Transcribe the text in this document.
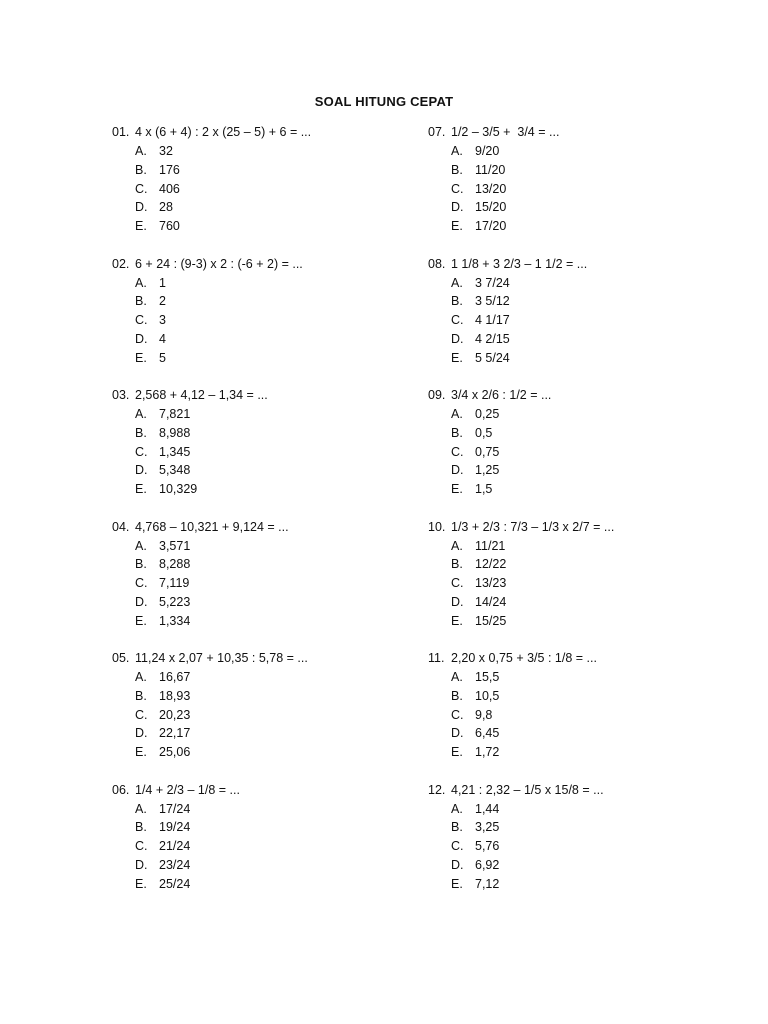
SOAL HITUNG CEPAT
01. 4 x (6 + 4) : 2 x (25 – 5) + 6 = ...
A. 32
B. 176
C. 406
D. 28
E. 760
02. 6 + 24 : (9-3) x 2 : (-6 + 2) = ...
A. 1
B. 2
C. 3
D. 4
E. 5
03. 2,568 + 4,12 – 1,34 = ...
A. 7,821
B. 8,988
C. 1,345
D. 5,348
E. 10,329
04. 4,768 – 10,321 + 9,124 = ...
A. 3,571
B. 8,288
C. 7,119
D. 5,223
E. 1,334
05. 11,24 x 2,07 + 10,35 : 5,78 = ...
A. 16,67
B. 18,93
C. 20,23
D. 22,17
E. 25,06
06. 1/4 + 2/3 – 1/8 = ...
A. 17/24
B. 19/24
C. 21/24
D. 23/24
E. 25/24
07. 1/2 – 3/5 +  3/4 = ...
A. 9/20
B. 11/20
C. 13/20
D. 15/20
E. 17/20
08. 1 1/8 + 3 2/3 – 1 1/2 = ...
A. 3 7/24
B. 3 5/12
C. 4 1/17
D. 4 2/15
E. 5 5/24
09. 3/4 x 2/6 : 1/2 = ...
A. 0,25
B. 0,5
C. 0,75
D. 1,25
E. 1,5
10. 1/3 + 2/3 : 7/3 – 1/3 x 2/7 = ...
A. 11/21
B. 12/22
C. 13/23
D. 14/24
E. 15/25
11. 2,20 x 0,75 + 3/5 : 1/8 = ...
A. 15,5
B. 10,5
C. 9,8
D. 6,45
E. 1,72
12. 4,21 : 2,32 – 1/5 x 15/8 = ...
A. 1,44
B. 3,25
C. 5,76
D. 6,92
E. 7,12
